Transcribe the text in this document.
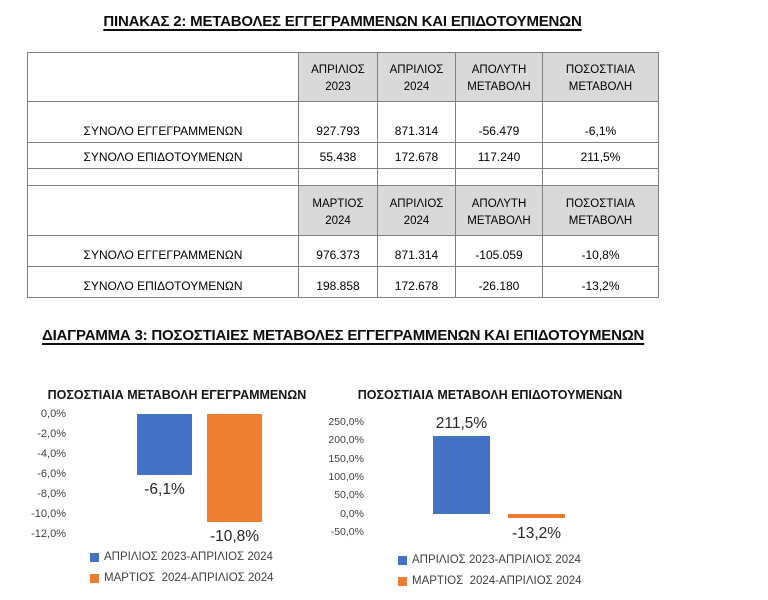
ΠΙΝΑΚΑΣ 2: ΜΕΤΑΒΟΛΕΣ ΕΓΓΕΓΡΑΜΜΕΝΩΝ ΚΑΙ ΕΠΙΔΟΤΟΥΜΕΝΩΝ
	ΑΠΡΙΛΙΟΣ 2023	ΑΠΡΙΛΙΟΣ 2024	ΑΠΟΛΥΤΗ ΜΕΤΑΒΟΛΗ	ΠΟΣΟΣΤΙΑΙΑ ΜΕΤΑΒΟΛΗ
ΣΥΝΟΛΟ ΕΓΓΕΓΡΑΜΜΕΝΩΝ	927.793	871.314	-56.479	-6,1%
ΣΥΝΟΛΟ ΕΠΙΔΟΤΟΥΜΕΝΩΝ	55.438	172.678	117.240	211,5%

	ΜΑΡΤΙΟΣ 2024	ΑΠΡΙΛΙΟΣ 2024	ΑΠΟΛΥΤΗ ΜΕΤΑΒΟΛΗ	ΠΟΣΟΣΤΙΑΙΑ ΜΕΤΑΒΟΛΗ
ΣΥΝΟΛΟ ΕΓΓΕΓΡΑΜΜΕΝΩΝ	976.373	871.314	-105.059	-10,8%
ΣΥΝΟΛΟ ΕΠΙΔΟΤΟΥΜΕΝΩΝ	198.858	172.678	-26.180	-13,2%
ΔΙΑΓΡΑΜΜΑ 3: ΠΟΣΟΣΤΙΑΙΕΣ ΜΕΤΑΒΟΛΕΣ ΕΓΓΕΓΡΑΜΜΕΝΩΝ ΚΑΙ ΕΠΙΔΟΤΟΥΜΕΝΩΝ
ΠΟΣΟΣΤΙΑΙΑ ΜΕΤΑΒΟΛΗ ΕΓΕΓΡΑΜΜΕΝΩΝ
0,0%
-2,0%
-4,0%
-6,0%
-8,0%
-10,0%
-12,0%
-6,1%
ΑΠΡΙΛΙΟΣ 2023-ΑΠΡΙΛΙΟΣ 2024
-10,8%
ΜΑΡΤΙΟΣ  2024-ΑΠΡΙΛΙΟΣ 2024
ΠΟΣΟΣΤΙΑΙΑ ΜΕΤΑΒΟΛΗ ΕΠΙΔΟΤΟΥΜΕΝΩΝ
250,0%
200,0%
150,0%
100,0%
50,0%
0,0%
-50,0%
211,5%
ΑΠΡΙΛΙΟΣ 2023-ΑΠΡΙΛΙΟΣ 2024
-13,2%
ΜΑΡΤΙΟΣ  2024-ΑΠΡΙΛΙΟΣ 2024
